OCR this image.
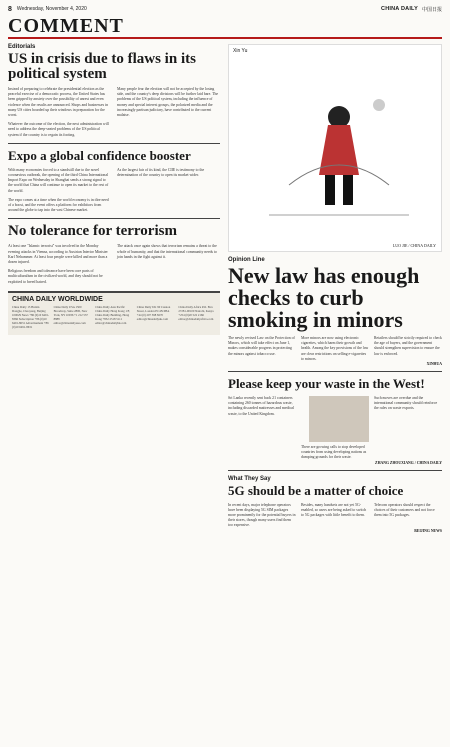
8 Wednesday, November 4, 2020	CHINA DAILY 中国日报
COMMENT
Editorials
US in crisis due to flaws in its political system
Instead of preparing to celebrate the presidential election as the peaceful exercise of a democratic process, the United States has been gripped by anxiety over the possibility of unrest and even violence when the results are announced. Shops and businesses in many US cities boarded up their windows in preparation for the worst.
Many people fear the election will not be accepted by the losing side, and the country's deep divisions will be further laid bare. The problems of the US political system, including the influence of money and special interest groups, the polarized media and the increasingly partisan judiciary, have contributed to the current malaise.
Whatever the outcome of the election, the next administration will need to address the deep-seated problems of the US political system if the country is to regain its footing.
Expo a global confidence booster
With many economies forced to a standstill due to the novel coronavirus outbreak, the opening of the third China International Import Expo on Wednesday in Shanghai sends a strong signal to the world that China will continue to open its market to the rest of the world.
As the largest fair of its kind, the CIIE is testimony to the determination of the country to open its market wider.
The expo comes at a time when the world economy is in dire need of a boost, and the event offers a platform for exhibitors from around the globe to tap into the vast Chinese market.
No tolerance for terrorism
At least one "Islamic terrorist" was involved in the Monday evening attacks in Vienna, according to Austrian Interior Minister Karl Nehammer. At least four people were killed and more than a dozen injured.
The attack once again shows that terrorism remains a threat to the whole of humanity, and that the international community needs to join hands in the fight against it.
Religious freedom and tolerance have been core parts of multiculturalism in the civilized world, and they should not be exploited to breed hatred.
CHINA DAILY WORLDWIDE
China Daily 15 Huixin Dongjie, Chaoyang, Beijing 100029 News +86 (0)10 6491-8366 Subscription +86 (0)10 6491-8631 Advertisement +86 (0)10 6491-8631
China Daily USA 1500 Broadway, Suite 2800, New York, NY 10036 +1 212 537 8888 editor@chinadailyusa.com
China Daily Asia Pacific China Daily Hong Kong 1/F, China Daily Building, Hong Kong +852 2518 5111 editor@chinadailyhk.com
China Daily UK 90 Cannon Street, London EC4N 6HA +44 (0) 207 398 8270 editor@chinadailyuk.com
China Daily Africa P.O. Box 27281-00100 Nairobi, Kenya +254 (0)20 522 2166 editor@chinadailyafrica.com
Xin Yu
LUO JIE / CHINA DAILY
Opinion Line
New law has enough checks to curb smoking in minors
The newly revised Law on the Protection of Minors, which will take effect on June 1, makes considerable progress in protecting the minors against tobacco use.
More minors are now using electronic cigarettes, which harm their growth and health. Among the key provisions of the law are clear restrictions on selling e-cigarettes to minors.
Retailers should be strictly required to check the age of buyers, and the government should strengthen supervision to ensure the law is enforced.
XINHUA
Please keep your waste in the West!
Sri Lanka recently sent back 21 containers containing 260 tonnes of hazardous waste, including discarded mattresses and medical waste, to the United Kingdom.
There are growing calls to stop developed countries from using developing nations as dumping grounds for their waste.
Such moves are overdue and the international community should reinforce the rules on waste exports.
ZHANG ZHOUXIANG / CHINA DAILY
What They Say
5G should be a matter of choice
In recent days, major telephone operators have been displaying 5G SIM packages more prominently for the potential buyers in their stores, though many users find them too expensive.
Besides, many handsets are not yet 5G-enabled, so users are being asked to switch to 5G packages with little benefit to them.
Telecom operators should respect the choices of their customers and not force them into 5G packages.
BEIJING NEWS
